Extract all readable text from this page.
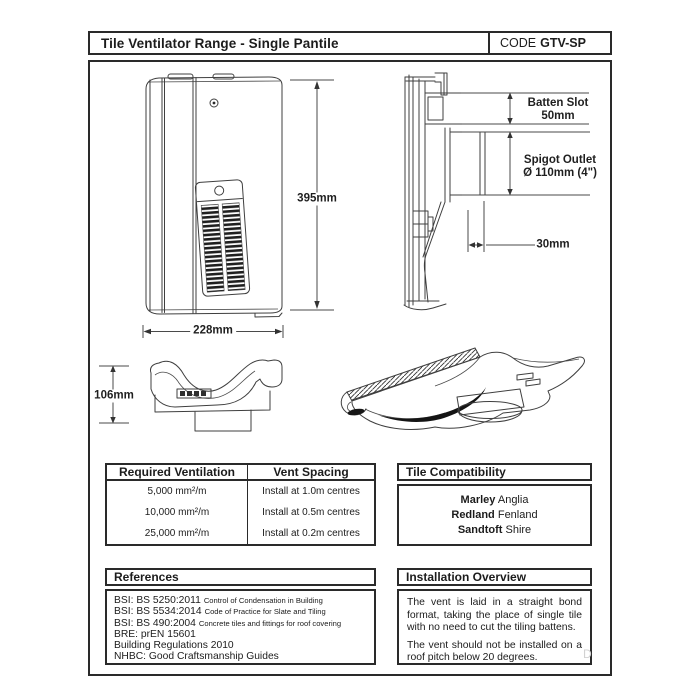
Tile Ventilator Range - Single Pantile	CODE GTV-SP
395mm
228mm
106mm
Batten Slot
50mm
Spigot Outlet
Ø 110mm (4")
30mm
Required Ventilation	Vent Spacing
5,000 mm²/m	Install at 1.0m centres
10,000 mm²/m	Install at 0.5m centres
25,000 mm²/m	Install at 0.2m centres
Tile Compatibility
Marley Anglia
Redland Fenland
Sandtoft Shire
References
BSI: BS 5250:2011 Control of Condensation in Building
BSI: BS 5534:2014 Code of Practice for Slate and Tiling
BSI: BS 490:2004 Concrete tiles and fittings for roof covering
BRE: prEN 15601
Building Regulations 2010
NHBC: Good Craftsmanship Guides
Installation Overview

The vent is laid in a straight bond format, taking the place of single tile with no need to cut the tiling battens.

The vent should not be installed on a roof pitch below 20 degrees.	D
